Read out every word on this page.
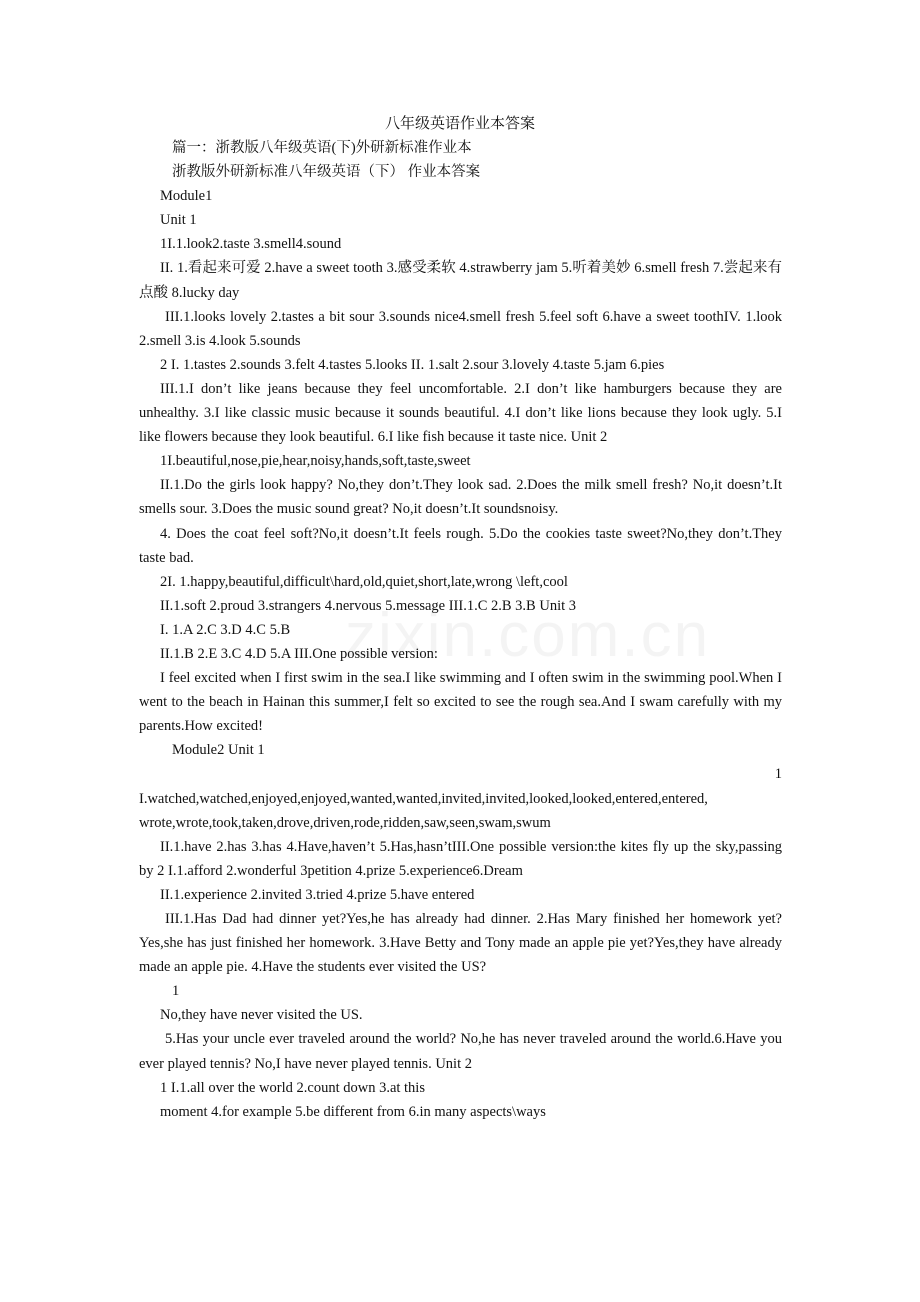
八年级英语作业本答案

篇一：浙教版八年级英语(下)外研新标准作业本

浙教版外研新标准八年级英语（下） 作业本答案

Module1

Unit 1

1I.1.look2.taste 3.smell4.sound

II. 1.看起来可爱 2.have a sweet tooth 3.感受柔软 4.strawberry jam 5.听着美妙 6.smell fresh 7.尝起来有点酸 8.lucky day

III.1.looks lovely 2.tastes a bit sour 3.sounds nice4.smell fresh 5.feel soft 6.have a sweet toothIV. 1.look 2.smell 3.is 4.look 5.sounds

2 I. 1.tastes 2.sounds 3.felt 4.tastes 5.looks II. 1.salt 2.sour 3.lovely 4.taste 5.jam 6.pies

III.1.I don’t like jeans because they feel uncomfortable. 2.I don’t like hamburgers because they are unhealthy. 3.I like classic music because it sounds beautiful. 4.I don’t like lions because they look ugly. 5.I like flowers because they look beautiful. 6.I like fish because it taste nice. Unit 2

1I.beautiful,nose,pie,hear,noisy,hands,soft,taste,sweet

II.1.Do the girls look happy? No,they don’t.They look sad. 2.Does the milk smell fresh? No,it doesn’t.It smells sour. 3.Does the music sound great? No,it doesn’t.It soundsnoisy.

4. Does the coat feel soft?No,it doesn’t.It feels rough. 5.Do the cookies taste sweet?No,they don’t.They taste bad.

2I. 1.happy,beautiful,difficult\hard,old,quiet,short,late,wrong \left,cool

II.1.soft 2.proud 3.strangers 4.nervous 5.message III.1.C 2.B 3.B Unit 3

I. 1.A 2.C 3.D 4.C 5.B

II.1.B 2.E 3.C 4.D 5.A III.One possible version:

I feel excited when I first swim in the sea.I like swimming and I often swim in the swimming pool.When I went to the beach in Hainan this summer,I felt so excited to see the rough sea.And I swam carefully with my parents.How excited!

Module2 Unit 1

1

I.watched,watched,enjoyed,enjoyed,wanted,wanted,invited,invited,looked,looked,entered,entered, wrote,wrote,took,taken,drove,driven,rode,ridden,saw,seen,swam,swum

II.1.have 2.has 3.has 4.Have,haven’t 5.Has,hasn’tIII.One possible version:the kites fly up the sky,passing by 2 I.1.afford 2.wonderful 3petition 4.prize 5.experience6.Dream

II.1.experience 2.invited 3.tried 4.prize 5.have entered

III.1.Has Dad had dinner yet?Yes,he has already had dinner. 2.Has Mary finished her homework yet?Yes,she has just finished her homework. 3.Have Betty and Tony made an apple pie yet?Yes,they have already made an apple pie. 4.Have the students ever visited the US?

1

No,they have never visited the US.

5.Has your uncle ever traveled around the world? No,he has never traveled around the world.6.Have you ever played tennis? No,I have never played tennis. Unit 2

1 I.1.all over the world 2.count down 3.at this

moment 4.for example 5.be different from 6.in many aspects\ways
